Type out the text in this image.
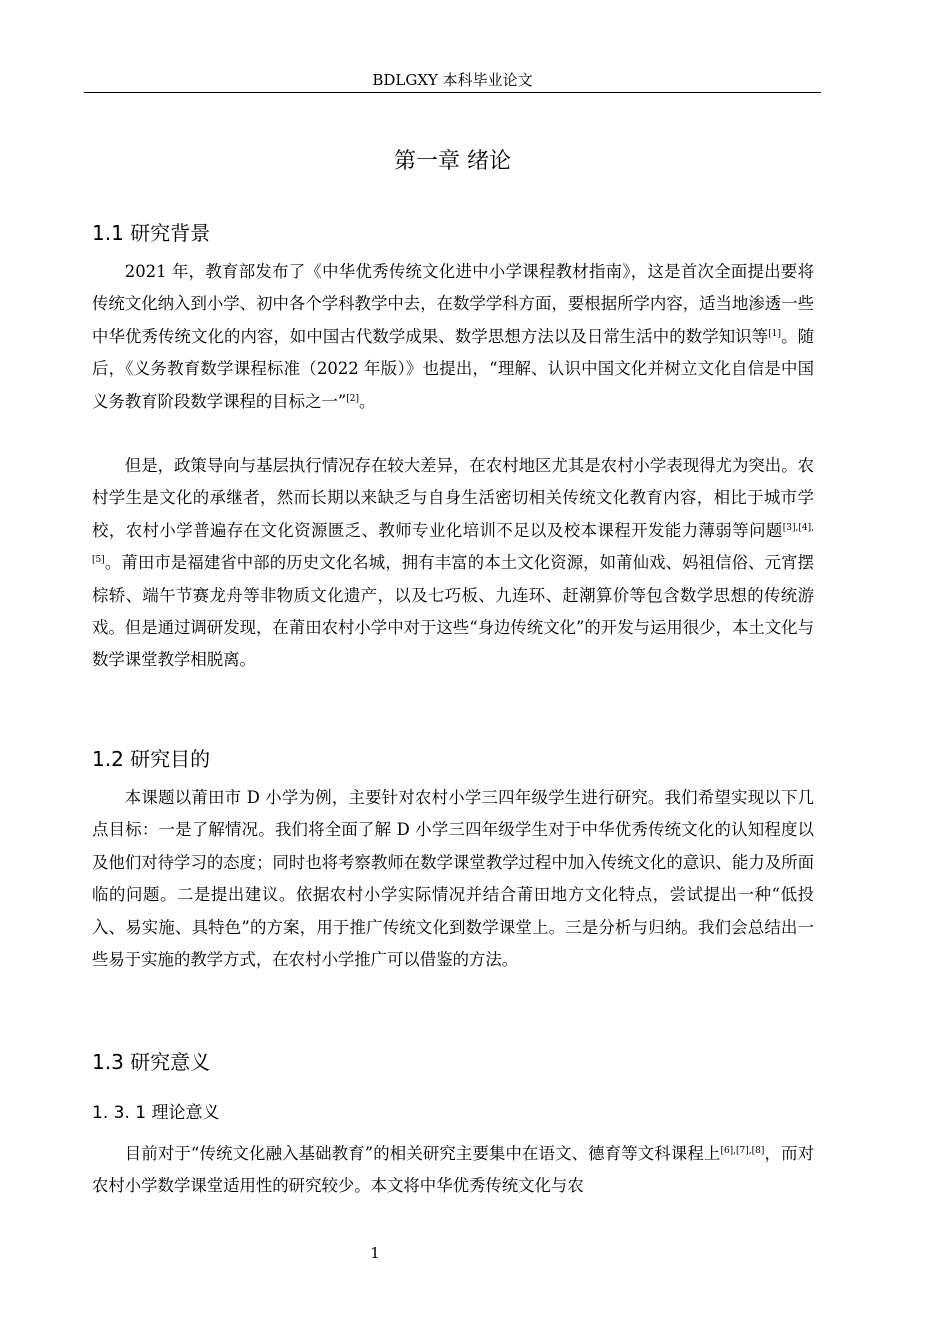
BDLGXY 本科毕业论文
第一章 绪论
1.1 研究背景

2021 年，教育部发布了《中华优秀传统文化进中小学课程教材指南》，这是首次全面提出要将传统文化纳入到小学、初中各个学科教学中去，在数学学科方面，要根据所学内容，适当地渗透一些中华优秀传统文化的内容，如中国古代数学成果、数学思想方法以及日常生活中的数学知识等[1]。随后，《义务教育数学课程标准（2022 年版）》也提出，“理解、认识中国文化并树立文化自信是中国义务教育阶段数学课程的目标之一”[2]。

但是，政策导向与基层执行情况存在较大差异，在农村地区尤其是农村小学表现得尤为突出。农村学生是文化的承继者，然而长期以来缺乏与自身生活密切相关传统文化教育内容，相比于城市学校，农村小学普遍存在文化资源匮乏、教师专业化培训不足以及校本课程开发能力薄弱等问题[3],[4],[5]。莆田市是福建省中部的历史文化名城，拥有丰富的本土文化资源，如莆仙戏、妈祖信俗、元宵摆棕轿、端午节赛龙舟等非物质文化遗产，以及七巧板、九连环、赶潮算价等包含数学思想的传统游戏。但是通过调研发现，在莆田农村小学中对于这些“身边传统文化”的开发与运用很少，本土文化与数学课堂教学相脱离。

1.2 研究目的

本课题以莆田市 D 小学为例，主要针对农村小学三四年级学生进行研究。我们希望实现以下几点目标：一是了解情况。我们将全面了解 D 小学三四年级学生对于中华优秀传统文化的认知程度以及他们对待学习的态度；同时也将考察教师在数学课堂教学过程中加入传统文化的意识、能力及所面临的问题。二是提出建议。依据农村小学实际情况并结合莆田地方文化特点，尝试提出一种“低投入、易实施、具特色”的方案，用于推广传统文化到数学课堂上。三是分析与归纳。我们会总结出一些易于实施的教学方式，在农村小学推广可以借鉴的方法。

1.3 研究意义
1. 3. 1 理论意义

目前对于“传统文化融入基础教育”的相关研究主要集中在语文、德育等文科课程上[6],[7],[8]，而对农村小学数学课堂适用性的研究较少。本文将中华优秀传统文化与农

1
